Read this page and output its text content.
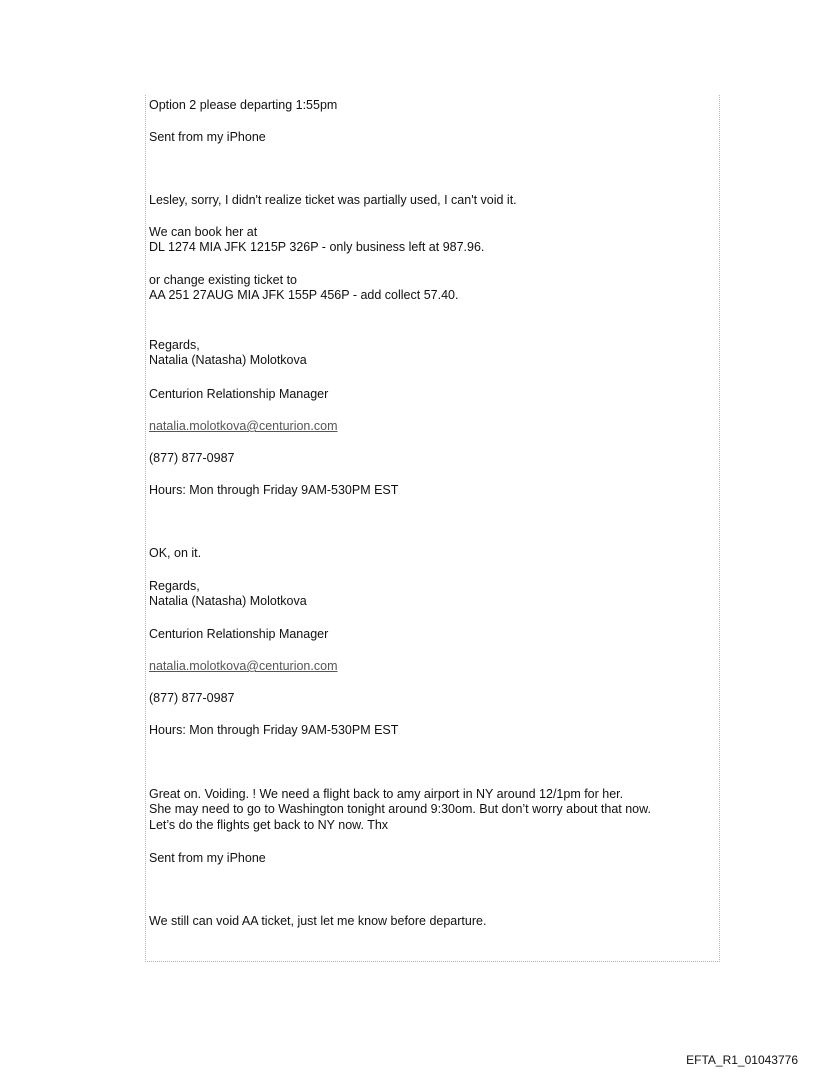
Option 2 please departing 1:55pm
Sent from my iPhone
Lesley, sorry, I didn't realize ticket was partially used, I can't void it.
We can book her at
DL 1274 MIA JFK 1215P 326P - only business left at 987.96.
or change existing ticket to
AA 251 27AUG MIA JFK 155P 456P - add collect 57.40.
Regards,
Natalia (Natasha) Molotkova
Centurion Relationship Manager
natalia.molotkova@centurion.com
(877) 877-0987
Hours: Mon through Friday 9AM-530PM EST
OK, on it.
Regards,
Natalia (Natasha) Molotkova
Centurion Relationship Manager
natalia.molotkova@centurion.com
(877) 877-0987
Hours: Mon through Friday 9AM-530PM EST
Great on. Voiding. ! We need a flight back to amy airport in NY around 12/1pm for her.
She may need to go to Washington tonight around 9:30om. But don’t worry about that now.
Let’s do the flights get back to NY now. Thx
Sent from my iPhone
We still can void AA ticket, just let me know before departure.
EFTA_R1_01043776
